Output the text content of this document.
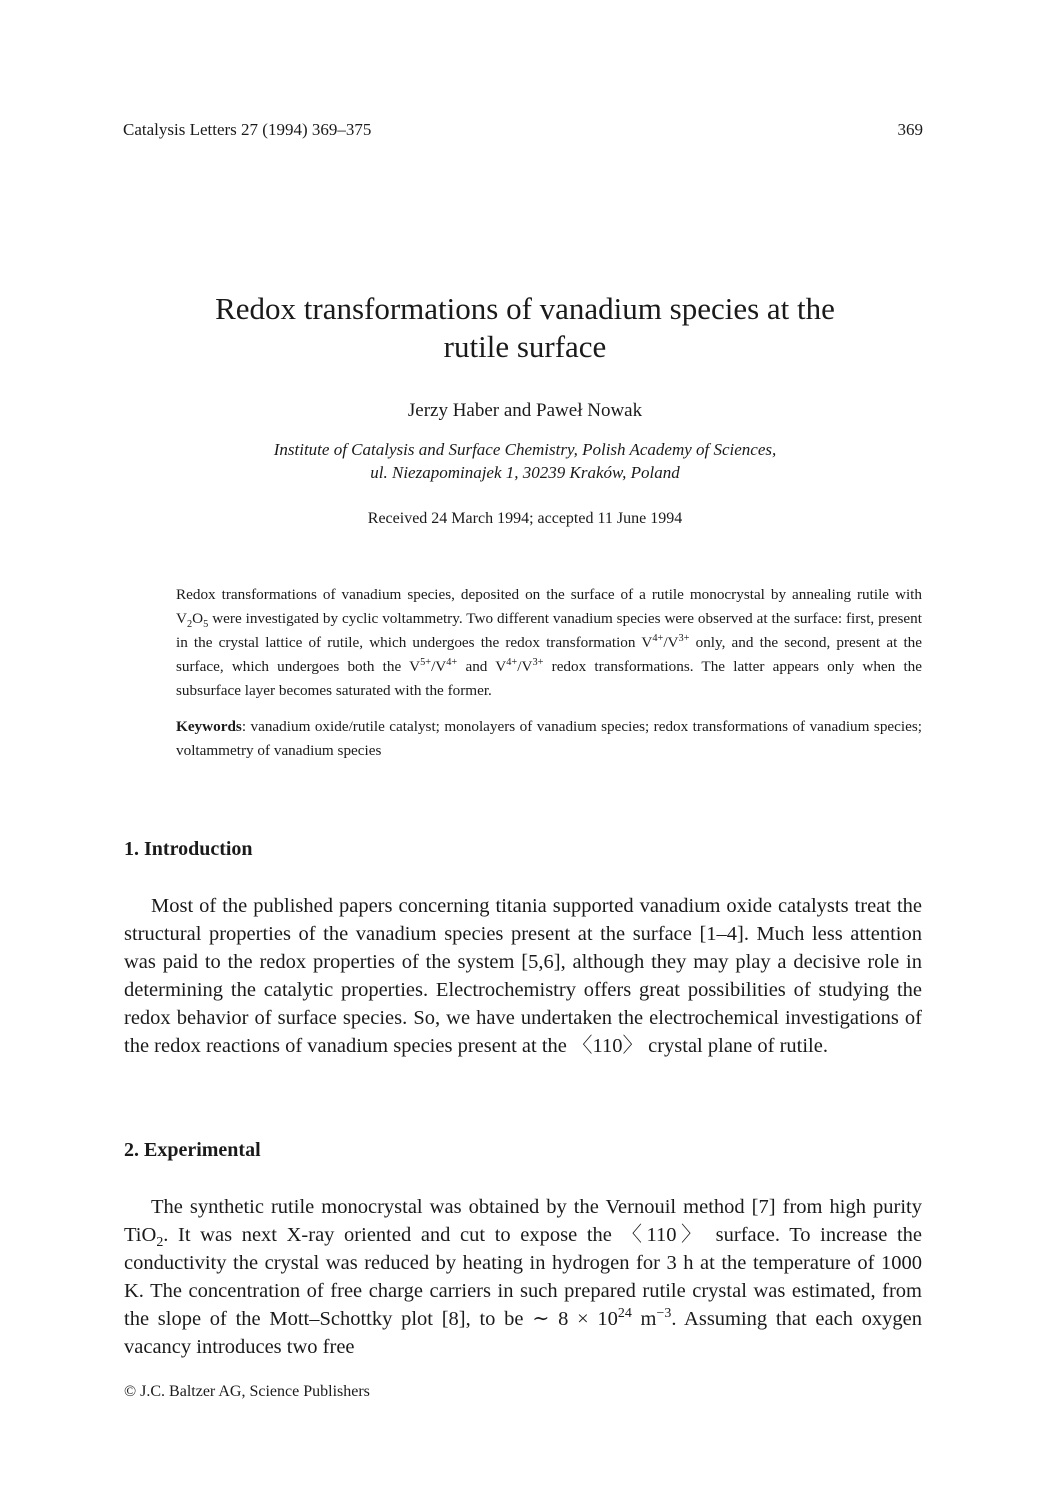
Catalysis Letters 27 (1994) 369–375	369
Redox transformations of vanadium species at the
rutile surface
Jerzy Haber and Paweł Nowak
Institute of Catalysis and Surface Chemistry, Polish Academy of Sciences,
ul. Niezapominajek 1, 30239 Kraków, Poland
Received 24 March 1994; accepted 11 June 1994

Redox transformations of vanadium species, deposited on the surface of a rutile monocrystal by annealing rutile with $V_2O_5$ were investigated by cyclic voltammetry. Two different vanadium species were observed at the surface: first, present in the crystal lattice of rutile, which undergoes the redox transformation $V^{4+}/V^{3+}$ only, and the second, present at the surface, which undergoes both the $V^{5+}/V^{4+}$ and $V^{4+}/V^{3+}$ redox transformations. The latter appears only when the subsurface layer becomes saturated with the former.

Keywords: vanadium oxide/rutile catalyst; monolayers of vanadium species; redox transformations of vanadium species; voltammetry of vanadium species

1. Introduction

Most of the published papers concerning titania supported vanadium oxide catalysts treat the structural properties of the vanadium species present at the surface [1–4]. Much less attention was paid to the redox properties of the system [5,6], although they may play a decisive role in determining the catalytic properties. Electrochemistry offers great possibilities of studying the redox behavior of surface species. So, we have undertaken the electrochemical investigations of the redox reactions of vanadium species present at the 〈110〉 crystal plane of rutile.

2. Experimental

The synthetic rutile monocrystal was obtained by the Vernouil method [7] from high purity TiO$_2$. It was next X-ray oriented and cut to expose the 〈110〉 surface. To increase the conductivity the crystal was reduced by heating in hydrogen for 3 h at the temperature of 1000 K. The concentration of free charge carriers in such prepared rutile crystal was estimated, from the slope of the Mott–Schottky plot [8], to be ∼ $8 \times 10^{24}$ $m^{-3}$. Assuming that each oxygen vacancy introduces two free

© J.C. Baltzer AG, Science Publishers
